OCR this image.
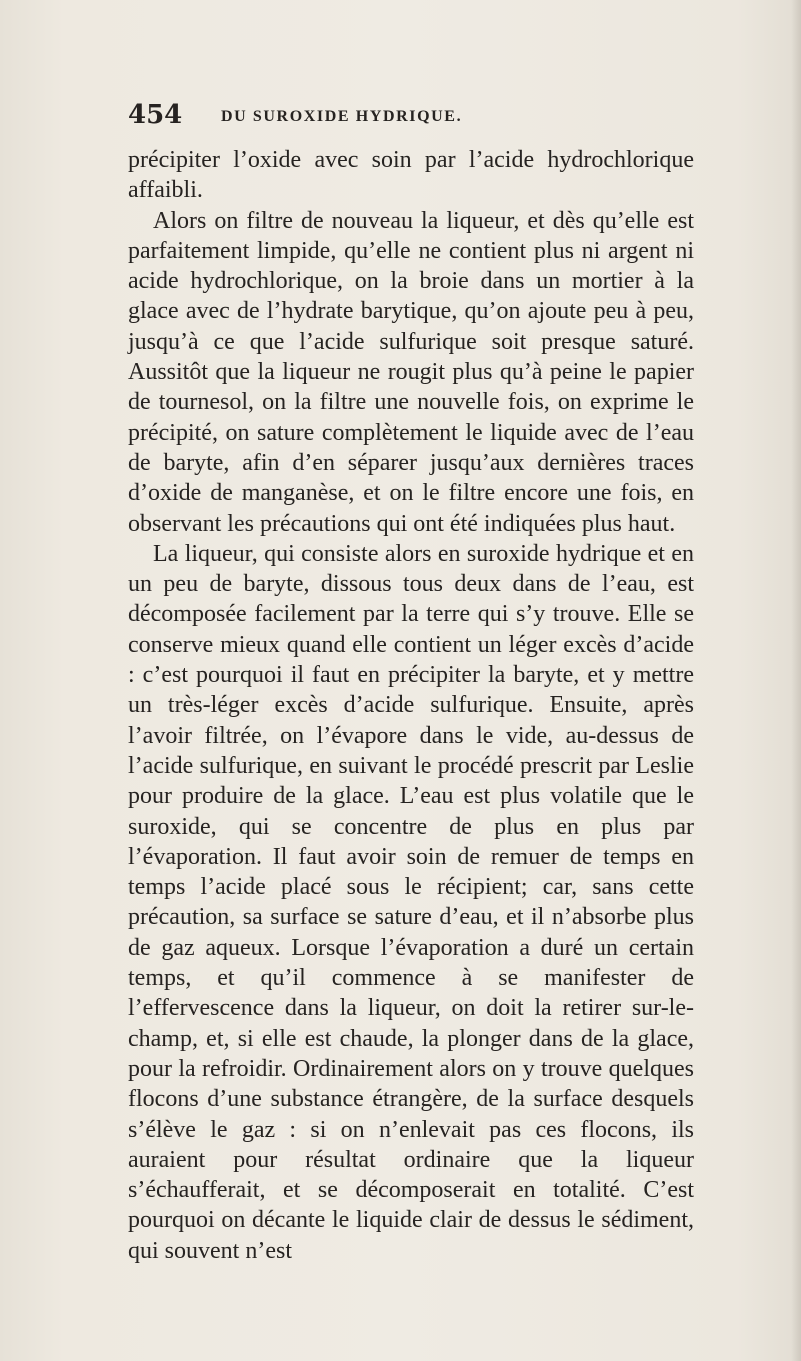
454 DU SUROXIDE HYDRIQUE.

précipiter l’oxide avec soin par l’acide hydrochlorique affaibli.

Alors on filtre de nouveau la liqueur, et dès qu’elle est parfaitement limpide, qu’elle ne contient plus ni argent ni acide hydrochlorique, on la broie dans un mortier à la glace avec de l’hydrate barytique, qu’on ajoute peu à peu, jusqu’à ce que l’acide sulfurique soit presque saturé. Aussitôt que la liqueur ne rougit plus qu’à peine le papier de tournesol, on la filtre une nouvelle fois, on exprime le précipité, on sature complètement le liquide avec de l’eau de baryte, afin d’en séparer jusqu’aux dernières traces d’oxide de manganèse, et on le filtre encore une fois, en observant les précautions qui ont été indiquées plus haut.

La liqueur, qui consiste alors en suroxide hydrique et en un peu de baryte, dissous tous deux dans de l’eau, est décomposée facilement par la terre qui s’y trouve. Elle se conserve mieux quand elle contient un léger excès d’acide : c’est pourquoi il faut en précipiter la baryte, et y mettre un très-léger excès d’acide sulfurique. Ensuite, après l’avoir filtrée, on l’évapore dans le vide, au-dessus de l’acide sulfurique, en suivant le procédé prescrit par Leslie pour produire de la glace. L’eau est plus volatile que le suroxide, qui se concentre de plus en plus par l’évaporation. Il faut avoir soin de remuer de temps en temps l’acide placé sous le récipient; car, sans cette précaution, sa surface se sature d’eau, et il n’absorbe plus de gaz aqueux. Lorsque l’évaporation a duré un certain temps, et qu’il commence à se manifester de l’effervescence dans la liqueur, on doit la retirer sur-le-champ, et, si elle est chaude, la plonger dans de la glace, pour la refroidir. Ordinairement alors on y trouve quelques flocons d’une substance étrangère, de la surface desquels s’élève le gaz : si on n’enlevait pas ces flocons, ils auraient pour résultat ordinaire que la liqueur s’échaufferait, et se décomposerait en totalité. C’est pourquoi on décante le liquide clair de dessus le sédiment, qui souvent n’est
